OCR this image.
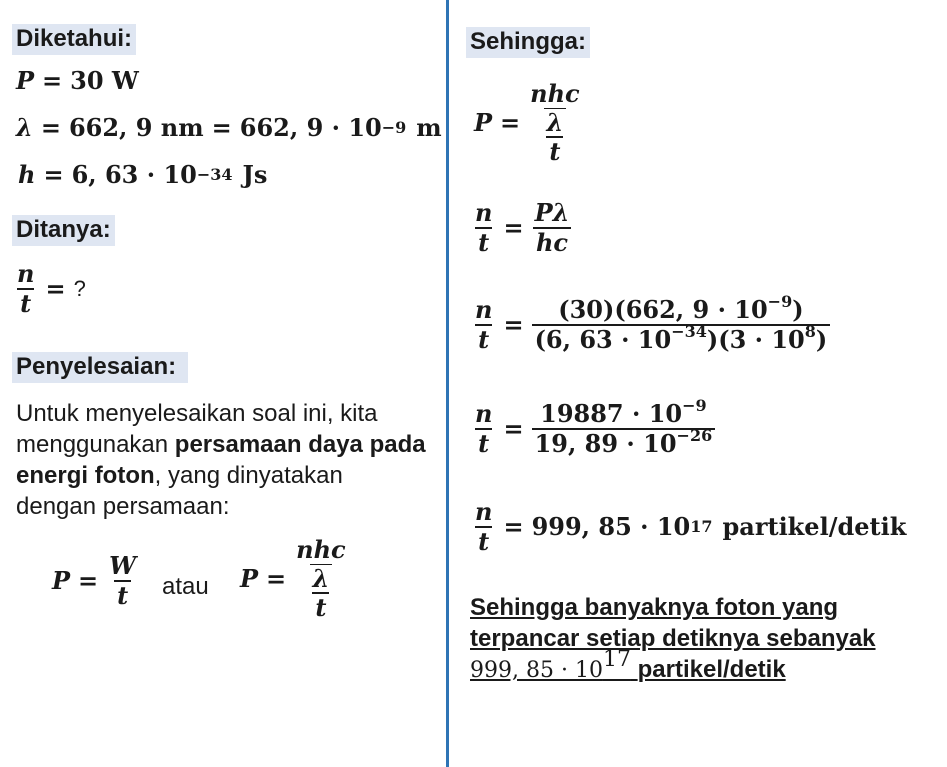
Diketahui:
P = 30 W
λ = 662, 9 nm = 662, 9 · 10 −9 m
h = 6, 63 · 10 −34 Js
Ditanya:
$\frac{n}{t}$ = ?
Penyelesaian:
Untuk menyelesaikan soal ini, kita menggunakan persamaan daya pada energi foton, yang dinyatakan dengan persamaan:
$P = \frac{W}{t}$ atau $P = \frac{\frac{\text{nhc}}{\lambda}}{t}$
Sehingga:
$P = \frac{\frac{\text{nhc}}{\lambda}}{t}$
$\frac{n}{t} = \frac{P\lambda}{hc}$
$\frac{n}{t} = \frac{(30)(662, 9 \cdot 10^{-9})}{(6, 63 \cdot 10^{-34})(3 \cdot 10^8)}$
$\frac{n}{t} = \frac{19887 \cdot 10^{-9}}{19, 89 \cdot 10^{-26}}$
$\frac{n}{t} = 999$, 85 · 10 17 partikel/detik
Sehingga banyaknya foton yang terpancar setiap detiknya sebanyak
999, $85 \cdot 10^{17}$ partikel/detik
